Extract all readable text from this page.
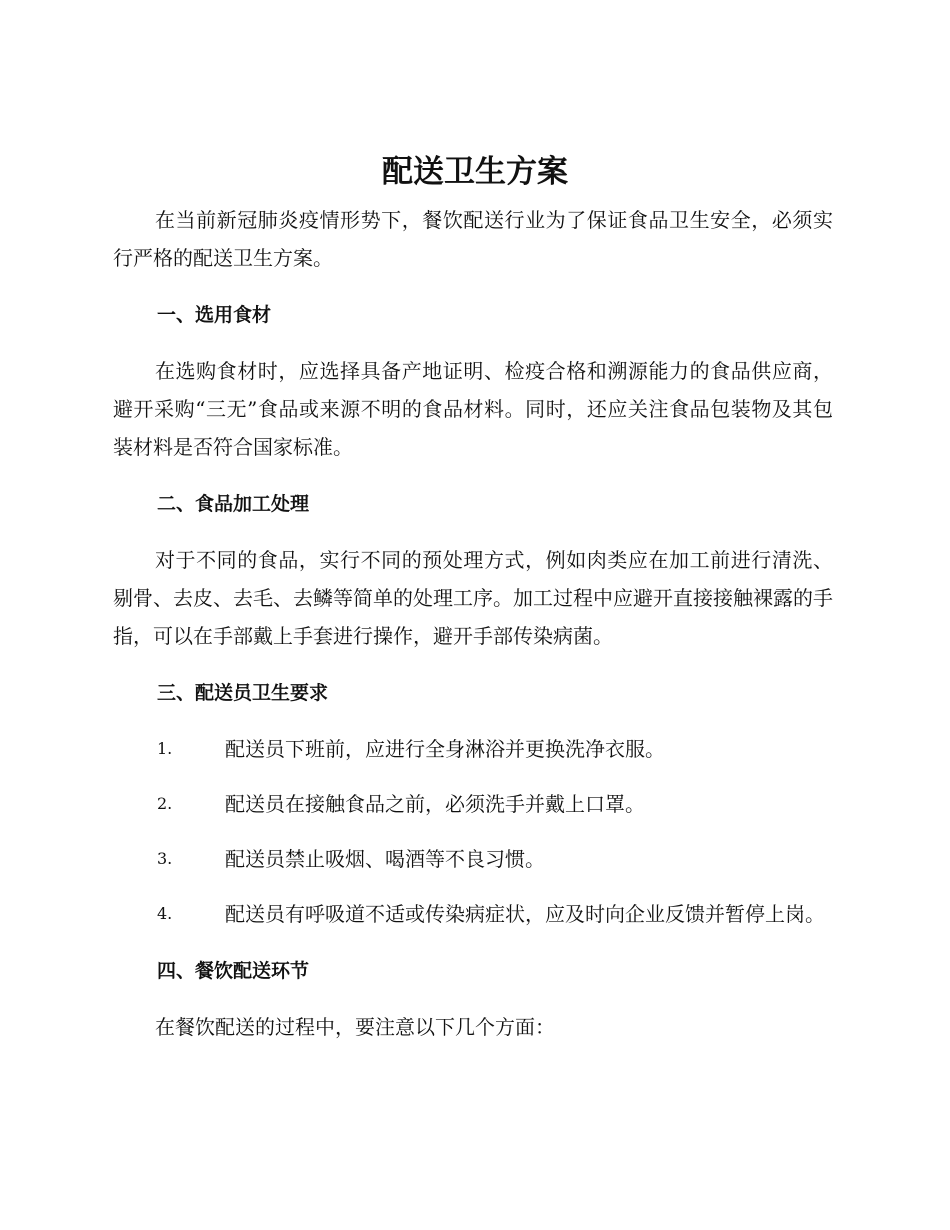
配送卫生方案

在当前新冠肺炎疫情形势下，餐饮配送行业为了保证食品卫生安全，必须实行严格的配送卫生方案。

一、选用食材

在选购食材时，应选择具备产地证明、检疫合格和溯源能力的食品供应商，避开采购“三无”食品或来源不明的食品材料。同时，还应关注食品包装物及其包装材料是否符合国家标准。

二、食品加工处理

对于不同的食品，实行不同的预处理方式，例如肉类应在加工前进行清洗、剔骨、去皮、去毛、去鳞等简单的处理工序。加工过程中应避开直接接触裸露的手指，可以在手部戴上手套进行操作，避开手部传染病菌。

三、配送员卫生要求

1.	配送员下班前，应进行全身淋浴并更换洗净衣服。

2.	配送员在接触食品之前，必须洗手并戴上口罩。

3.	配送员禁止吸烟、喝酒等不良习惯。

4.	配送员有呼吸道不适或传染病症状，应及时向企业反馈并暂停上岗。

四、餐饮配送环节

在餐饮配送的过程中，要注意以下几个方面：
